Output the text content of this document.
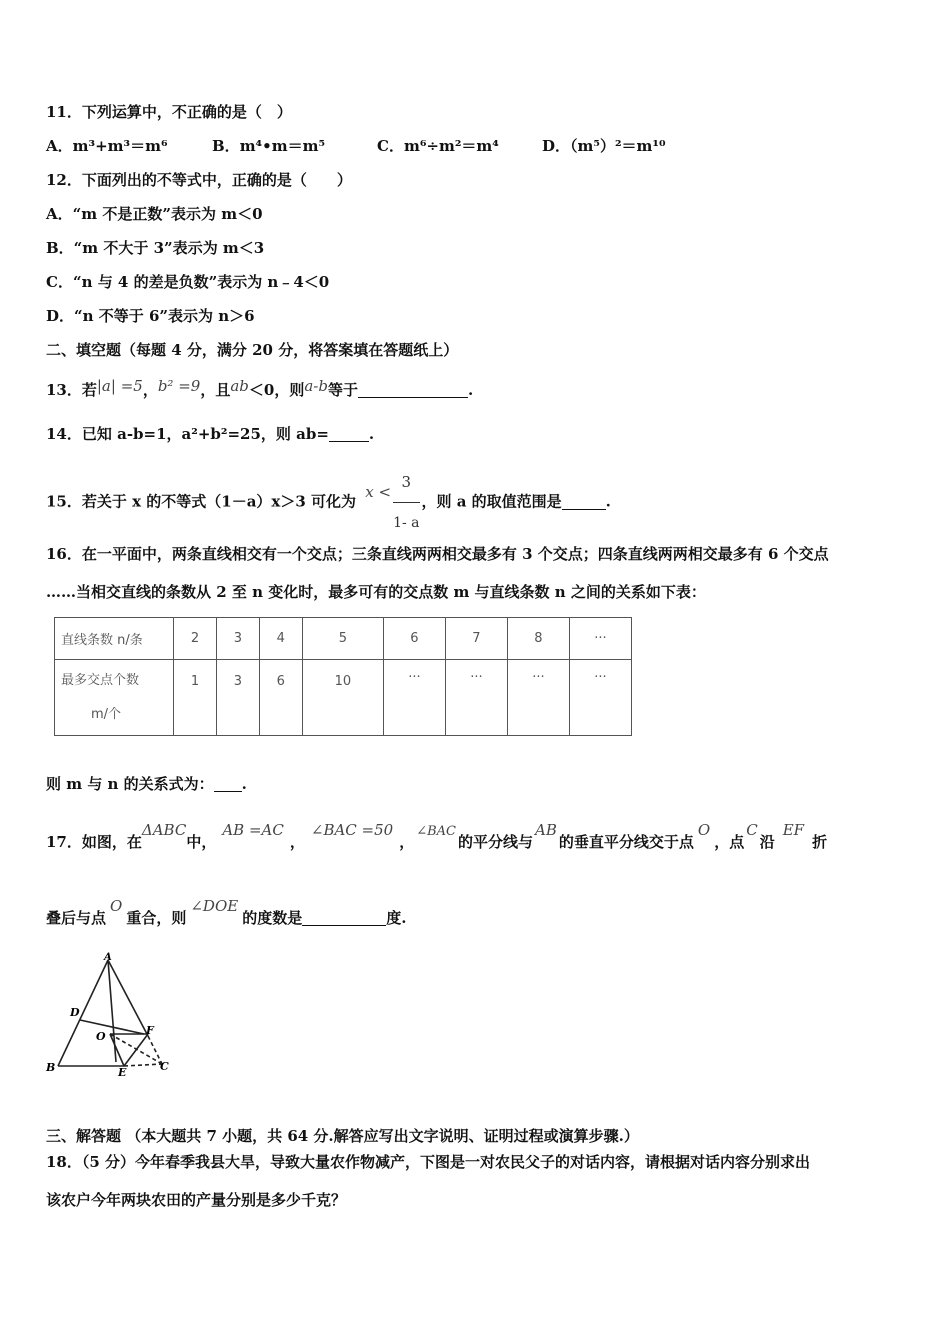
11．下列运算中，不正确的是（　）
A．m³+m³＝m⁶	B．m⁴•m＝m⁵	C．m⁶÷m²＝m⁴	D．（m⁵）²＝m¹⁰
12．下面列出的不等式中，正确的是（　　）
A．“m 不是正数”表示为 m＜0
B．“m 不大于 3”表示为 m＜3
C．“n 与 4 的差是负数”表示为 n﹣4＜0
D．“n 不等于 6”表示为 n＞6
二、填空题（每题 4 分，满分 20 分，将答案填在答题纸上）
13．若|a| =5，b² =9，且ab＜0，则a-b等于	.
14．已知 a-b=1，a²+b²=25，则 ab=	.
15．若关于 x 的不等式（1－a）x＞3 可化为 $x < \frac{3}{1- a}$ ，则 a 的取值范围是	.
16．在一平面中，两条直线相交有一个交点；三条直线两两相交最多有 3 个交点；四条直线两两相交最多有 6 个交点
……当相交直线的条数从 2 至 n 变化时，最多可有的交点数 m 与直线条数 n 之间的关系如下表：
直线条数 n/条	2	3	4	5	6	7	8	···
最多交点个数
m/个	1	3	6	10	···	···	···	···
则 m 与 n 的关系式为： .
17．如图，在ΔABC中，AB =AC，∠BAC =50，∠BAC的平分线与AB的垂直平分线交于点O，点C沿EF折
叠后与点O重合，则∠DOE的度数是	度.
A
D
F
O
B	E	C
三、解答题 （本大题共 7 小题，共 64 分.解答应写出文字说明、证明过程或演算步骤.）
18．（5 分）今年春季我县大旱，导致大量农作物减产，下图是一对农民父子的对话内容，请根据对话内容分别求出
该农户今年两块农田的产量分别是多少千克？
